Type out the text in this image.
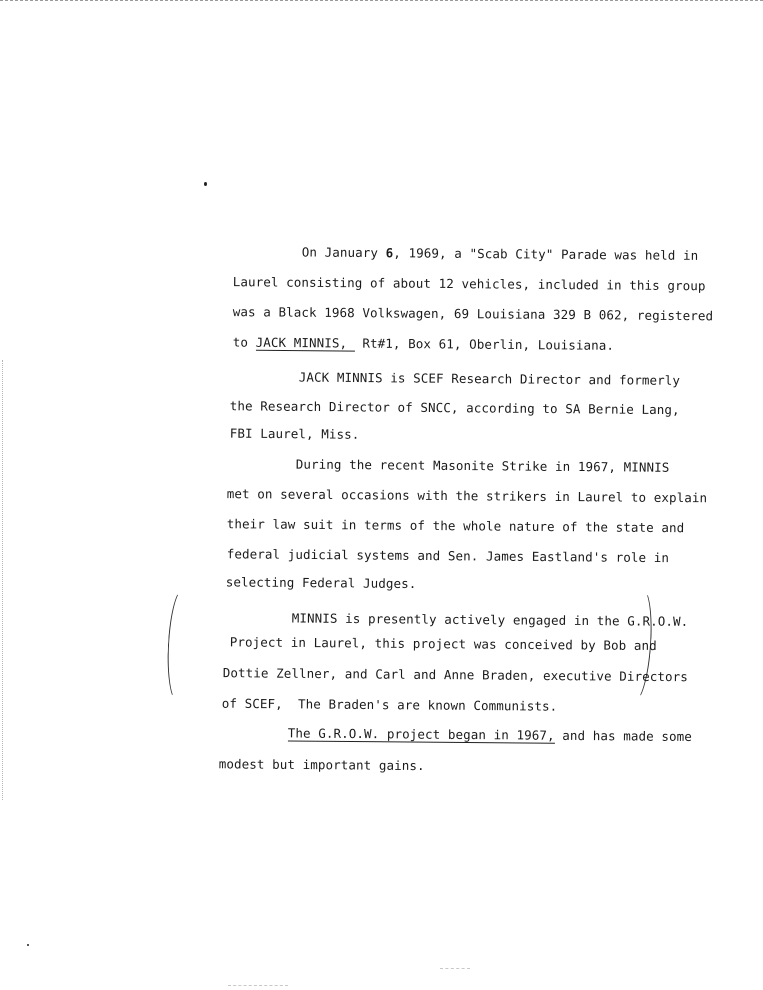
On January 6, 1969, a "Scab City" Parade was held in

Laurel consisting of about 12 vehicles, included in this group

was a Black 1968 Volkswagen, 69 Louisiana 329 B 062, registered

to JACK MINNIS,  Rt#1, Box 61, Oberlin, Louisiana.

JACK MINNIS is SCEF Research Director and formerly

the Research Director of SNCC, according to SA Bernie Lang,

FBI Laurel, Miss.

During the recent Masonite Strike in 1967, MINNIS

met on several occasions with the strikers in Laurel to explain

their law suit in terms of the whole nature of the state and

federal judicial systems and Sen. James Eastland's role in

selecting Federal Judges.

MINNIS is presently actively engaged in the G.R.O.W.

Project in Laurel, this project was conceived by Bob and

Dottie Zellner, and Carl and Anne Braden, executive Directors

of SCEF,  The Braden's are known Communists.

The G.R.O.W. project began in 1967, and has made some

modest but important gains.
